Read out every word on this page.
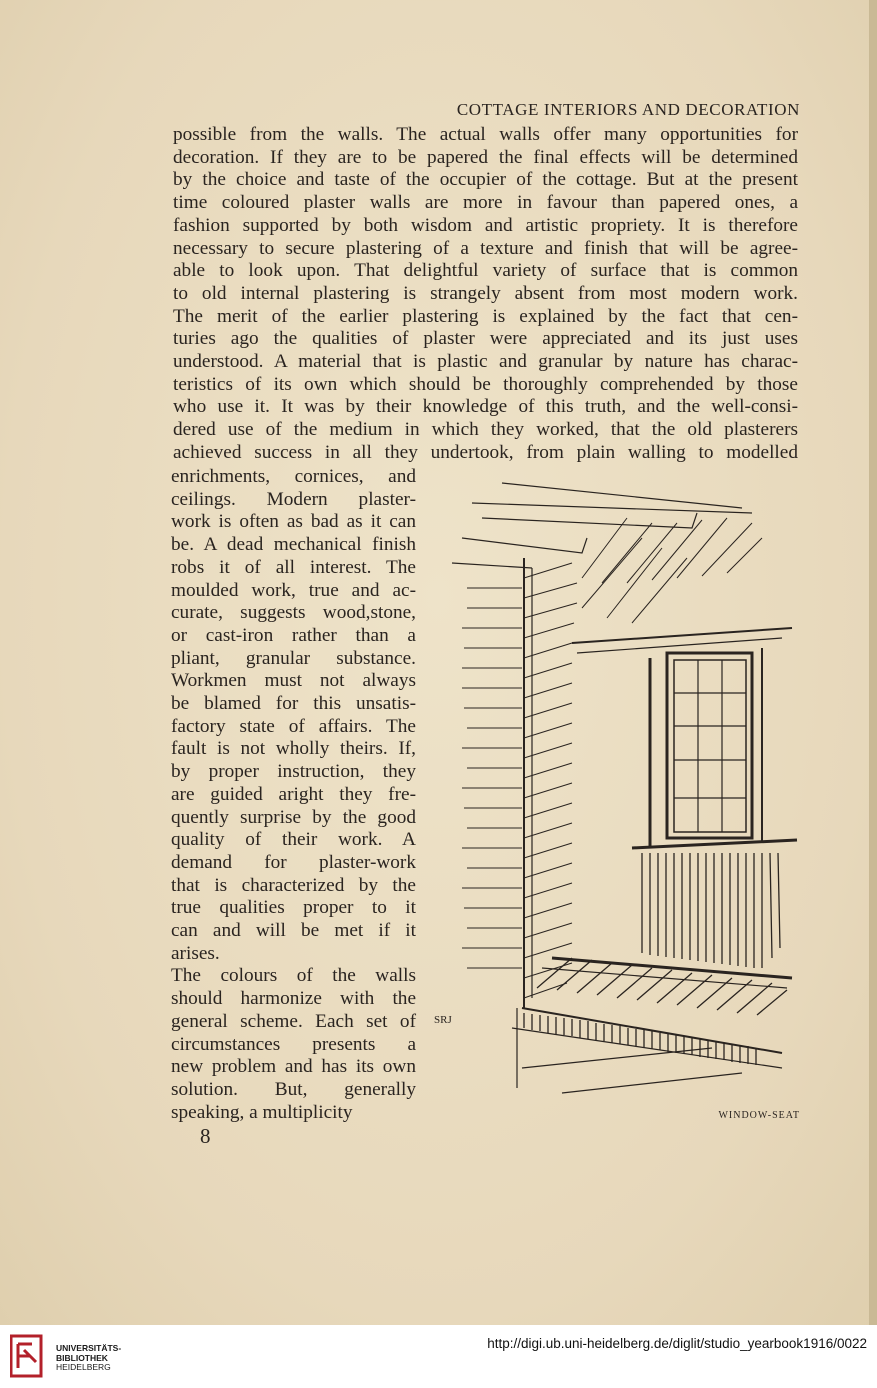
COTTAGE INTERIORS AND DECORATION
possible from the walls. The actual walls offer many opportunities for
decoration. If they are to be papered the final effects will be determined
by the choice and taste of the occupier of the cottage. But at the present
time coloured plaster walls are more in favour than papered ones, a
fashion supported by both wisdom and artistic propriety. It is therefore
necessary to secure plastering of a texture and finish that will be agree-
able to look upon. That delightful variety of surface that is common
to old internal plastering is strangely absent from most modern work.
The merit of the earlier plastering is explained by the fact that cen-
turies ago the qualities of plaster were appreciated and its just uses
understood. A material that is plastic and granular by nature has charac-
teristics of its own which should be thoroughly comprehended by those
who use it. It was by their knowledge of this truth, and the well-consi-
dered use of the medium in which they worked, that the old plasterers
achieved success in all they undertook, from plain walling to modelled
enrichments, cornices, and
ceilings. Modern plaster-
work is often as bad as it can
be. A dead mechanical finish
robs it of all interest. The
moulded work, true and ac-
curate, suggests wood,stone,
or cast-iron rather than a
pliant, granular substance.
Workmen must not always
be blamed for this unsatis-
factory state of affairs. The
fault is not wholly theirs. If,
by proper instruction, they
are guided aright they fre-
quently surprise by the good
quality of their work. A
demand for plaster-work
that is characterized by the
true qualities proper to it
can and will be met if it
arises.
The colours of the walls
should harmonize with the
general scheme. Each set of
circumstances presents a
new problem and has its own
solution. But, generally
speaking, a multiplicity
8
SRJ
WINDOW-SEAT
UNIVERSITÄTS-
BIBLIOTHEK
HEIDELBERG
http://digi.ub.uni-heidelberg.de/diglit/studio_yearbook1916/0022
